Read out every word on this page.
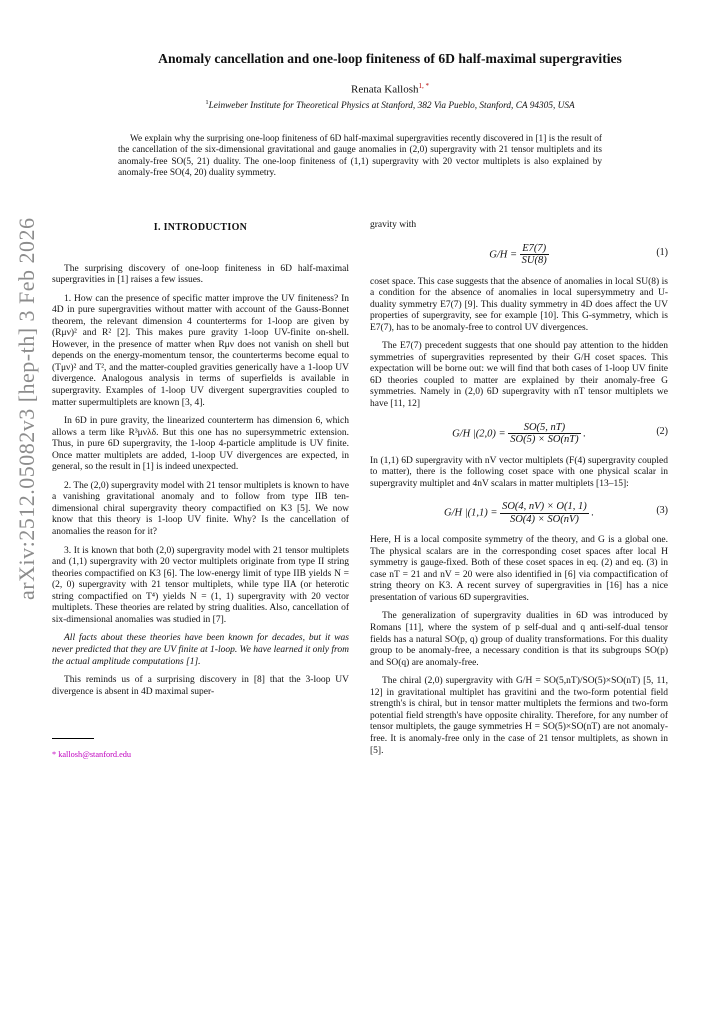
arXiv:2512.05082v3 [hep-th] 3 Feb 2026
Anomaly cancellation and one-loop finiteness of 6D half-maximal supergravities
Renata Kallosh$^{1, *}$
$^1$Leinweber Institute for Theoretical Physics at Stanford, 382 Via Pueblo, Stanford, CA 94305, USA
We explain why the surprising one-loop finiteness of 6D half-maximal supergravities recently discovered in [1] is the result of the cancellation of the six-dimensional gravitational and gauge anomalies in (2,0) supergravity with 21 tensor multiplets and its anomaly-free SO(5, 21) duality. The one-loop finiteness of (1,1) supergravity with 20 vector multiplets is also explained by anomaly-free SO(4, 20) duality symmetry.
I. INTRODUCTION

The surprising discovery of one-loop finiteness in 6D half-maximal supergravities in [1] raises a few issues.

1. How can the presence of specific matter improve the UV finiteness? In 4D in pure supergravities without matter with account of the Gauss-Bonnet theorem, the relevant dimension 4 counterterms for 1-loop are given by (Rμν)² and R² [2]. This makes pure gravity 1-loop UV-finite on-shell. However, in the presence of matter when Rμν does not vanish on shell but depends on the energy-momentum tensor, the counterterms become equal to (Tμν)² and T², and the matter-coupled gravities generically have a 1-loop UV divergence. Analogous analysis in terms of superfields is available in supergravity. Examples of 1-loop UV divergent supergravities coupled to matter supermultiplets are known [3, 4].

In 6D in pure gravity, the linearized counterterm has dimension 6, which allows a term like R³μνλδ. But this one has no supersymmetric extension. Thus, in pure 6D supergravity, the 1-loop 4-particle amplitude is UV finite. Once matter multiplets are added, 1-loop UV divergences are expected, in general, so the result in [1] is indeed unexpected.

2. The (2,0) supergravity model with 21 tensor multiplets is known to have a vanishing gravitational anomaly and to follow from type IIB ten-dimensional chiral supergravity theory compactified on K3 [5]. We now know that this theory is 1-loop UV finite. Why? Is the cancellation of anomalies the reason for it?

3. It is known that both (2,0) supergravity model with 21 tensor multiplets and (1,1) supergravity with 20 vector multiplets originate from type II string theories compactified on K3 [6]. The low-energy limit of type IIB yields N = (2, 0) supergravity with 21 tensor multiplets, while type IIA (or heterotic string compactified on T⁴) yields N = (1, 1) supergravity with 20 vector multiplets. These theories are related by string dualities. Also, cancellation of six-dimensional anomalies was studied in [7].

All facts about these theories have been known for decades, but it was never predicted that they are UV finite at 1-loop. We have learned it only from the actual amplitude computations [1].

This reminds us of a surprising discovery in [8] that the 3-loop UV divergence is absent in 4D maximal super-

* kallosh@stanford.edu

gravity with

$G/H = \frac{E7(7)}{SU(8)}$	(1)

coset space. This case suggests that the absence of anomalies in local SU(8) is a condition for the absence of anomalies in local supersymmetry and U-duality symmetry E7(7) [9]. This duality symmetry in 4D does affect the UV properties of supergravity, see for example [10]. This G-symmetry, which is E7(7), has to be anomaly-free to control UV divergences.

The E7(7) precedent suggests that one should pay attention to the hidden symmetries of supergravities represented by their G/H coset spaces. This expectation will be borne out: we will find that both cases of 1-loop UV finite 6D theories coupled to matter are explained by their anomaly-free G symmetries. Namely in (2,0) 6D supergravity with nT tensor multiplets we have [11, 12]

G/H $|(2,0) = \frac{SO(5, nT)}{SO(5) \times SO(nT)}$ .	(2)

In (1,1) 6D supergravity with nV vector multiplets (F(4) supergravity coupled to matter), there is the following coset space with one physical scalar in supergravity multiplet and 4nV scalars in matter multiplets [13–15]:

G/H $|(1,1) = \frac{SO(4, nV) \times O(1, 1)}{SO(4) \times SO(nV)}$ .	(3)

Here, H is a local composite symmetry of the theory, and G is a global one. The physical scalars are in the corresponding coset spaces after local H symmetry is gauge-fixed. Both of these coset spaces in eq. (2) and eq. (3) in case nT = 21 and nV = 20 were also identified in [6] via compactification of string theory on K3. A recent survey of supergravities in [16] has a nice presentation of various 6D supergravities.

The generalization of supergravity dualities in 6D was introduced by Romans [11], where the system of p self-dual and q anti-self-dual tensor fields has a natural SO(p, q) group of duality transformations. For this duality group to be anomaly-free, a necessary condition is that its subgroups SO(p) and SO(q) are anomaly-free.

The chiral (2,0) supergravity with G/H = SO(5,nT)/SO(5)×SO(nT) [5, 11, 12] in gravitational multiplet has gravitini and the two-form potential field strength's is chiral, but in tensor matter multiplets the fermions and two-form potential field strength's have opposite chirality. Therefore, for any number of tensor multiplets, the gauge symmetries H = SO(5)×SO(nT) are not anomaly-free. It is anomaly-free only in the case of 21 tensor multiplets, as shown in [5].
